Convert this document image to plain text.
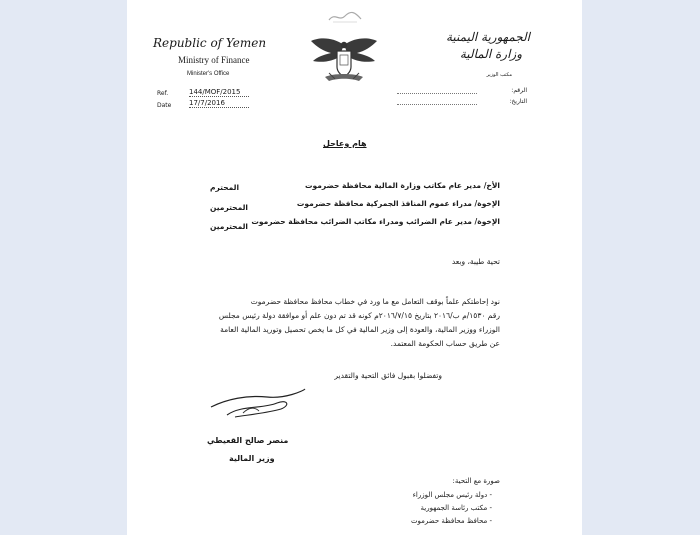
Republic of Yemen
Ministry of Finance
Minister's Office
Ref.	144/MOF/2015
Date	17/7/2016
الجمهورية اليمنية
وزارة المالية
مكتب الوزير
الرقم:
التاريخ:
هام وعاجل
الأخ/ مدير عام مكاتب وزارة المالية محافظة حضرموت
المحترم
الإخوة/ مدراء عموم المنافذ الجمركية محافظة حضرموت
المحترمين
الإخوة/ مدير عام الضرائب ومدراء مكاتب الضرائب محافظة حضرموت
المحترمين
تحية طيبة، وبعد
نود إحاطتكم علماً بوقف التعامل مع ما ورد في خطاب محافظ محافظة حضرموت
رقم ١٥٣٠/م ب/٢٠١٦ بتاريخ ٢٠١٦/٧/١٥م كونه قد تم دون علم أو موافقة دولة رئيس مجلس
الوزراء ووزير المالية، والعودة إلى وزير المالية في كل ما يخص تحصيل وتوريد المالية العامة
عن طريق حساب الحكومة المعتمد.
وتفضلوا بقبول فائق التحية والتقدير
منصر صالح القعيطي
وزير المالية
صورة مع التحية:
- دولة رئيس مجلس الوزراء
- مكتب رئاسة الجمهورية
- محافظ محافظة حضرموت
